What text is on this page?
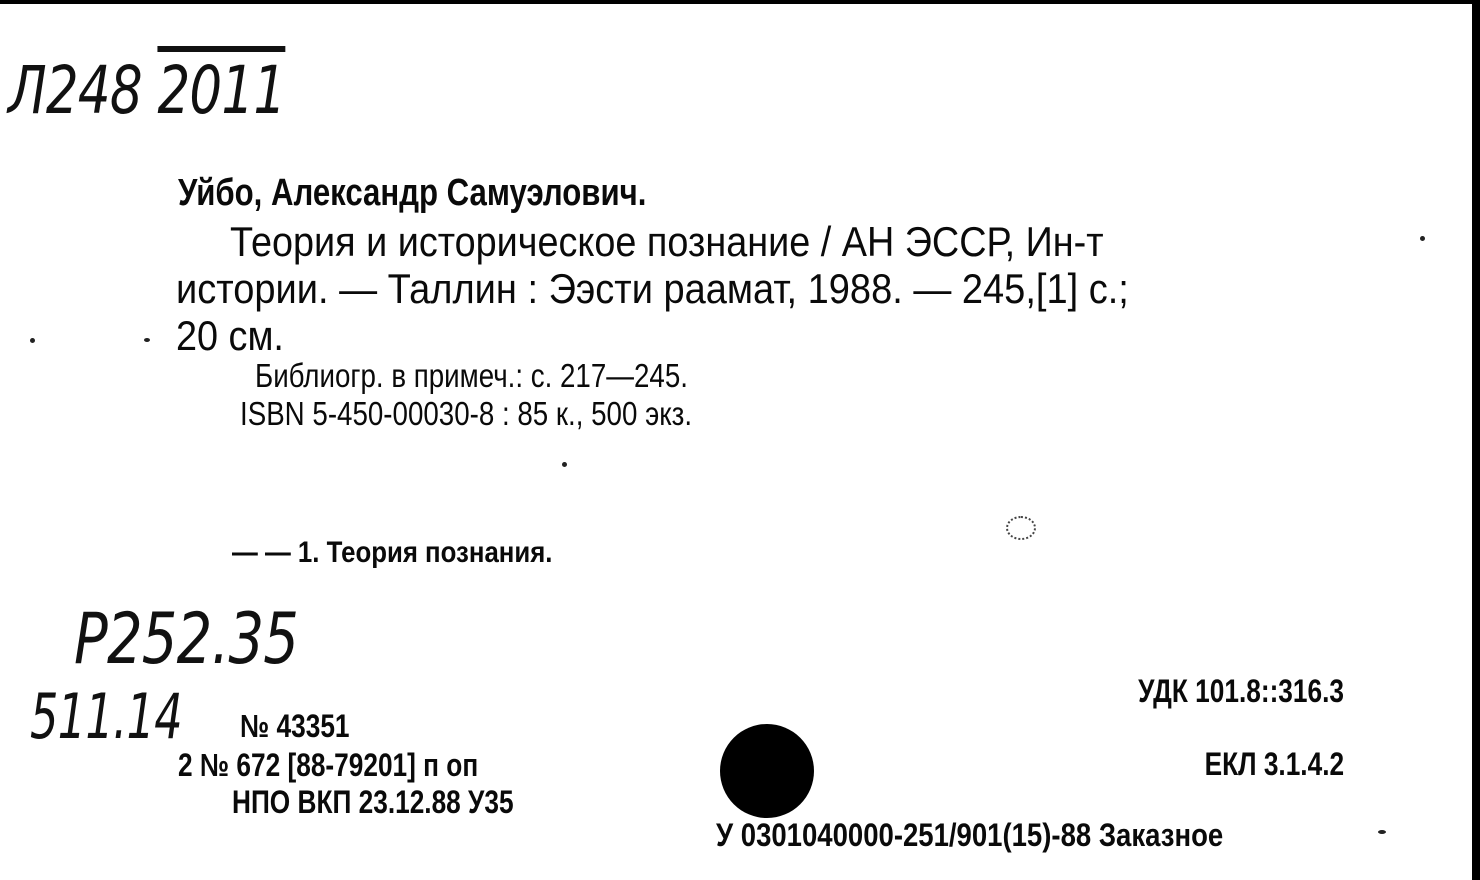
Л248 2011
Уйбо, Александр Самуэлович.
Теория и историческое познание / АН ЭССР, Ин-т
истории. — Таллин : Ээсти раамат, 1988. — 245,[1] с.;
20 см.
Библиогр. в примеч.: с. 217—245.
ISBN 5-450-00030-8 : 85 к., 500 экз.
— — 1. Теория познания.
Р252.35
511.14 № 43351
2 № 672 [88-79201] п оп
НПО ВКП 23.12.88 У35
УДК 101.8::316.3
ЕКЛ 3.1.4.2
У 0301040000-251/901(15)-88 Заказное
